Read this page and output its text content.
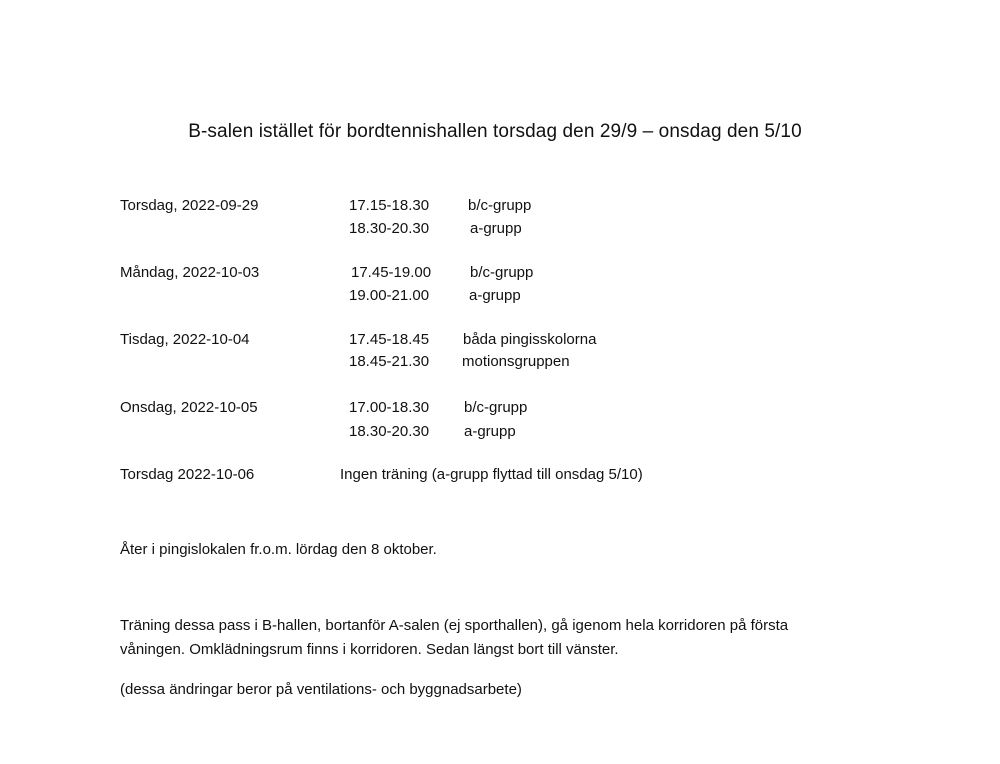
B-salen istället för bordtennishallen torsdag den 29/9 – onsdag den 5/10
Torsdag, 2022-09-29	17.15-18.30	b/c-grupp
18.30-20.30	a-grupp
Måndag, 2022-10-03	17.45-19.00	b/c-grupp
19.00-21.00	a-grupp
Tisdag, 2022-10-04	17.45-18.45 båda pingisskolorna
18.45-21.30 motionsgruppen
Onsdag, 2022-10-05	17.00-18.30 b/c-grupp
18.30-20.30 a-grupp
Torsdag 2022-10-06	Ingen träning (a-grupp flyttad till onsdag 5/10)
Åter i pingislokalen fr.o.m. lördag den 8 oktober.
Träning dessa pass i B-hallen, bortanför A-salen (ej sporthallen), gå igenom hela korridoren på första
våningen. Omklädningsrum finns i korridoren. Sedan längst bort till vänster.
(dessa ändringar beror på ventilations- och byggnadsarbete)
